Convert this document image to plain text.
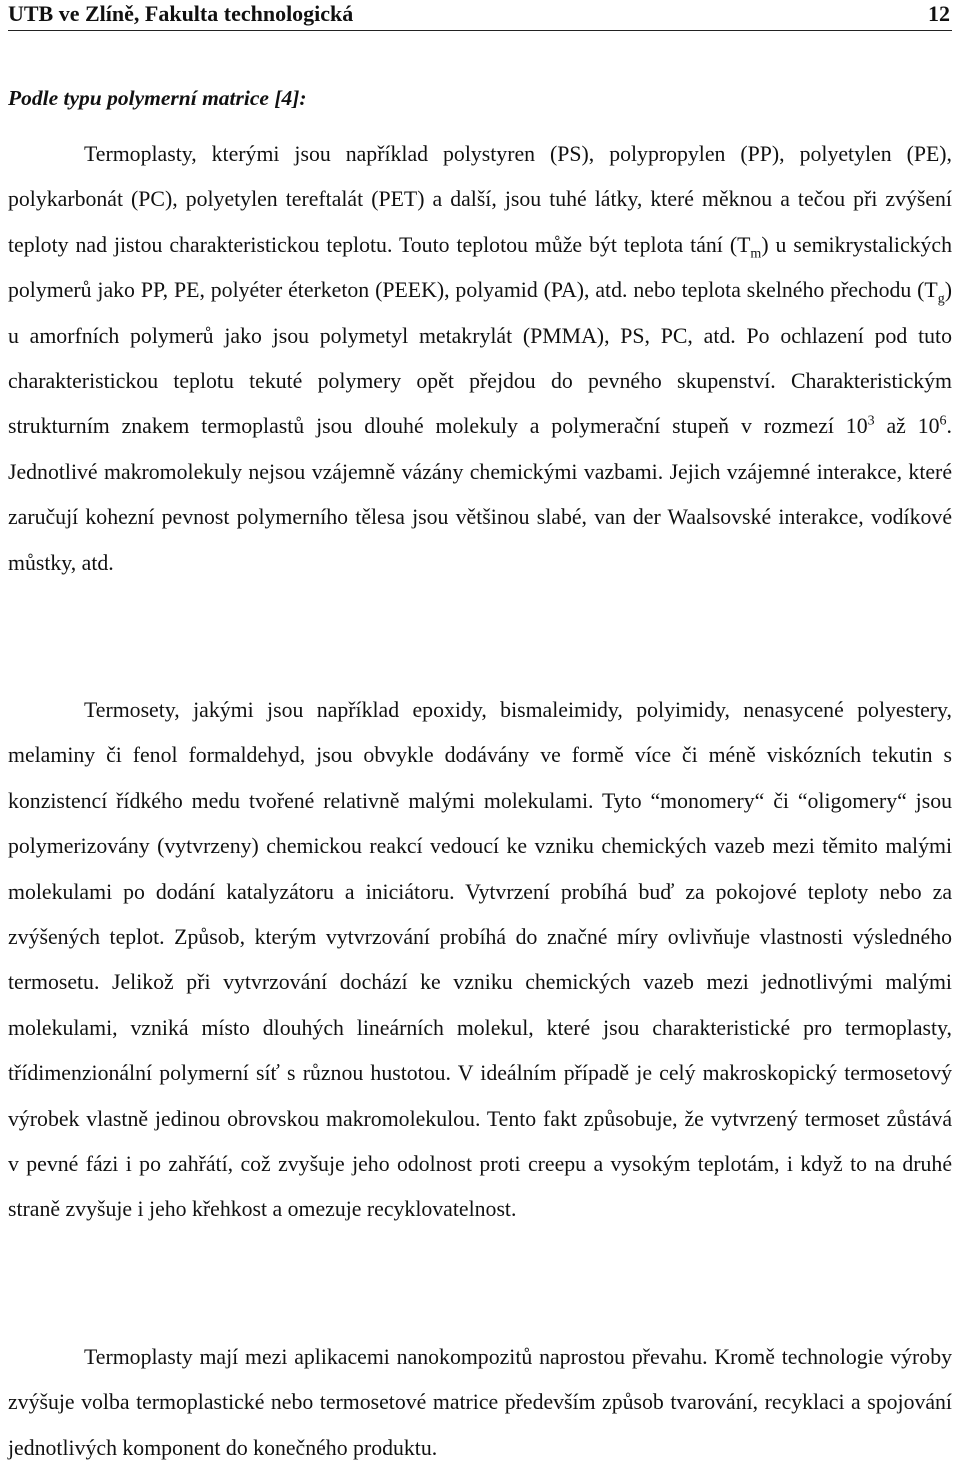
UTB ve Zlíně, Fakulta technologická	12
Podle typu polymerní matrice [4]:

Termoplasty, kterými jsou například polystyren (PS), polypropylen (PP), polyetylen (PE), polykarbonát (PC), polyetylen tereftalát (PET) a další, jsou tuhé látky, které měknou a tečou při zvýšení teploty nad jistou charakteristickou teplotu. Touto teplotou může být teplota tání $(T_m)$ u semikrystalických polymerů jako PP, PE, polyéter éterketon (PEEK), polyamid (PA), atd. nebo teplota skelného přechodu $(T_g)$ u amorfních polymerů jako jsou polymetyl metakrylát (PMMA), PS, PC, atd. Po ochlazení pod tuto charakteristickou teplotu tekuté polymery opět přejdou do pevného skupenství. Charakteristickým strukturním znakem termoplastů jsou dlouhé molekuly a polymerační stupeň v rozmezí $10^3$ až $10^6$. Jednotlivé makromolekuly nejsou vzájemně vázány chemickými vazbami. Jejich vzájemné interakce, které zaručují kohezní pevnost polymerního tělesa jsou většinou slabé, van der Waalsovské interakce, vodíkové můstky, atd.

Termosety, jakými jsou například epoxidy, bismaleimidy, polyimidy, nenasycené polyestery, melaminy či fenol formaldehyd, jsou obvykle dodávány ve formě více či méně viskózních tekutin s konzistencí řídkého medu tvořené relativně malými molekulami. Tyto “monomery“ či “oligomery“ jsou polymerizovány (vytvrzeny) chemickou reakcí vedoucí ke vzniku chemických vazeb mezi těmito malými molekulami po dodání katalyzátoru a iniciátoru. Vytvrzení probíhá buď za pokojové teploty nebo za zvýšených teplot. Způsob, kterým vytvrzování probíhá do značné míry ovlivňuje vlastnosti výsledného termosetu. Jelikož při vytvrzování dochází ke vzniku chemických vazeb mezi jednotlivými malými molekulami, vzniká místo dlouhých lineárních molekul, které jsou charakteristické pro termoplasty, třídimenzionální polymerní síť s různou hustotou. V ideálním případě je celý makroskopický termosetový výrobek vlastně jedinou obrovskou makromolekulou. Tento fakt způsobuje, že vytvrzený termoset zůstává v pevné fázi i po zahřátí, což zvyšuje jeho odolnost proti creepu a vysokým teplotám, i když to na druhé straně zvyšuje i jeho křehkost a omezuje recyklovatelnost.

Termoplasty mají mezi aplikacemi nanokompozitů naprostou převahu. Kromě technologie výroby zvýšuje volba termoplastické nebo termosetové matrice především způsob tvarování, recyklaci a spojování jednotlivých komponent do konečného produktu.
